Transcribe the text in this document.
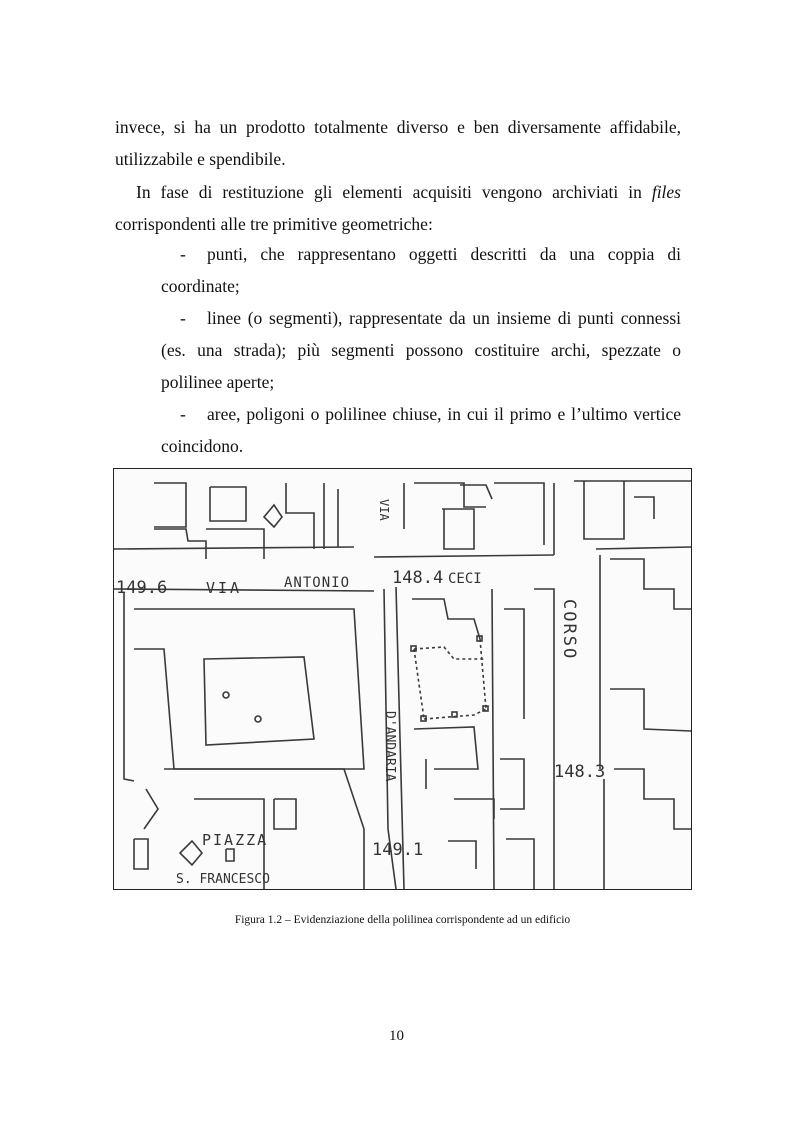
invece, si ha un prodotto totalmente diverso e ben diversamente affidabile, utilizzabile e spendibile.

In fase di restituzione gli elementi acquisiti vengono archiviati in files corrispondenti alle tre primitive geometriche:

- punti, che rappresentano oggetti descritti da una coppia di coordinate;
- linee (o segmenti), rappresentate da un insieme di punti connessi (es. una strada); più segmenti possono costituire archi, spezzate o polilinee aperte;
- aree, poligoni o polilinee chiuse, in cui il primo e l’ultimo vertice coincidono.
149.6	VIA	ANTONIO 148.4 CECI
VIA
CORSO
D'ANDARIA	148.3
149.1
PIAZZA
S. FRANCESCO
Figura 1.2 – Evidenziazione della polilinea corrispondente ad un edificio
10
